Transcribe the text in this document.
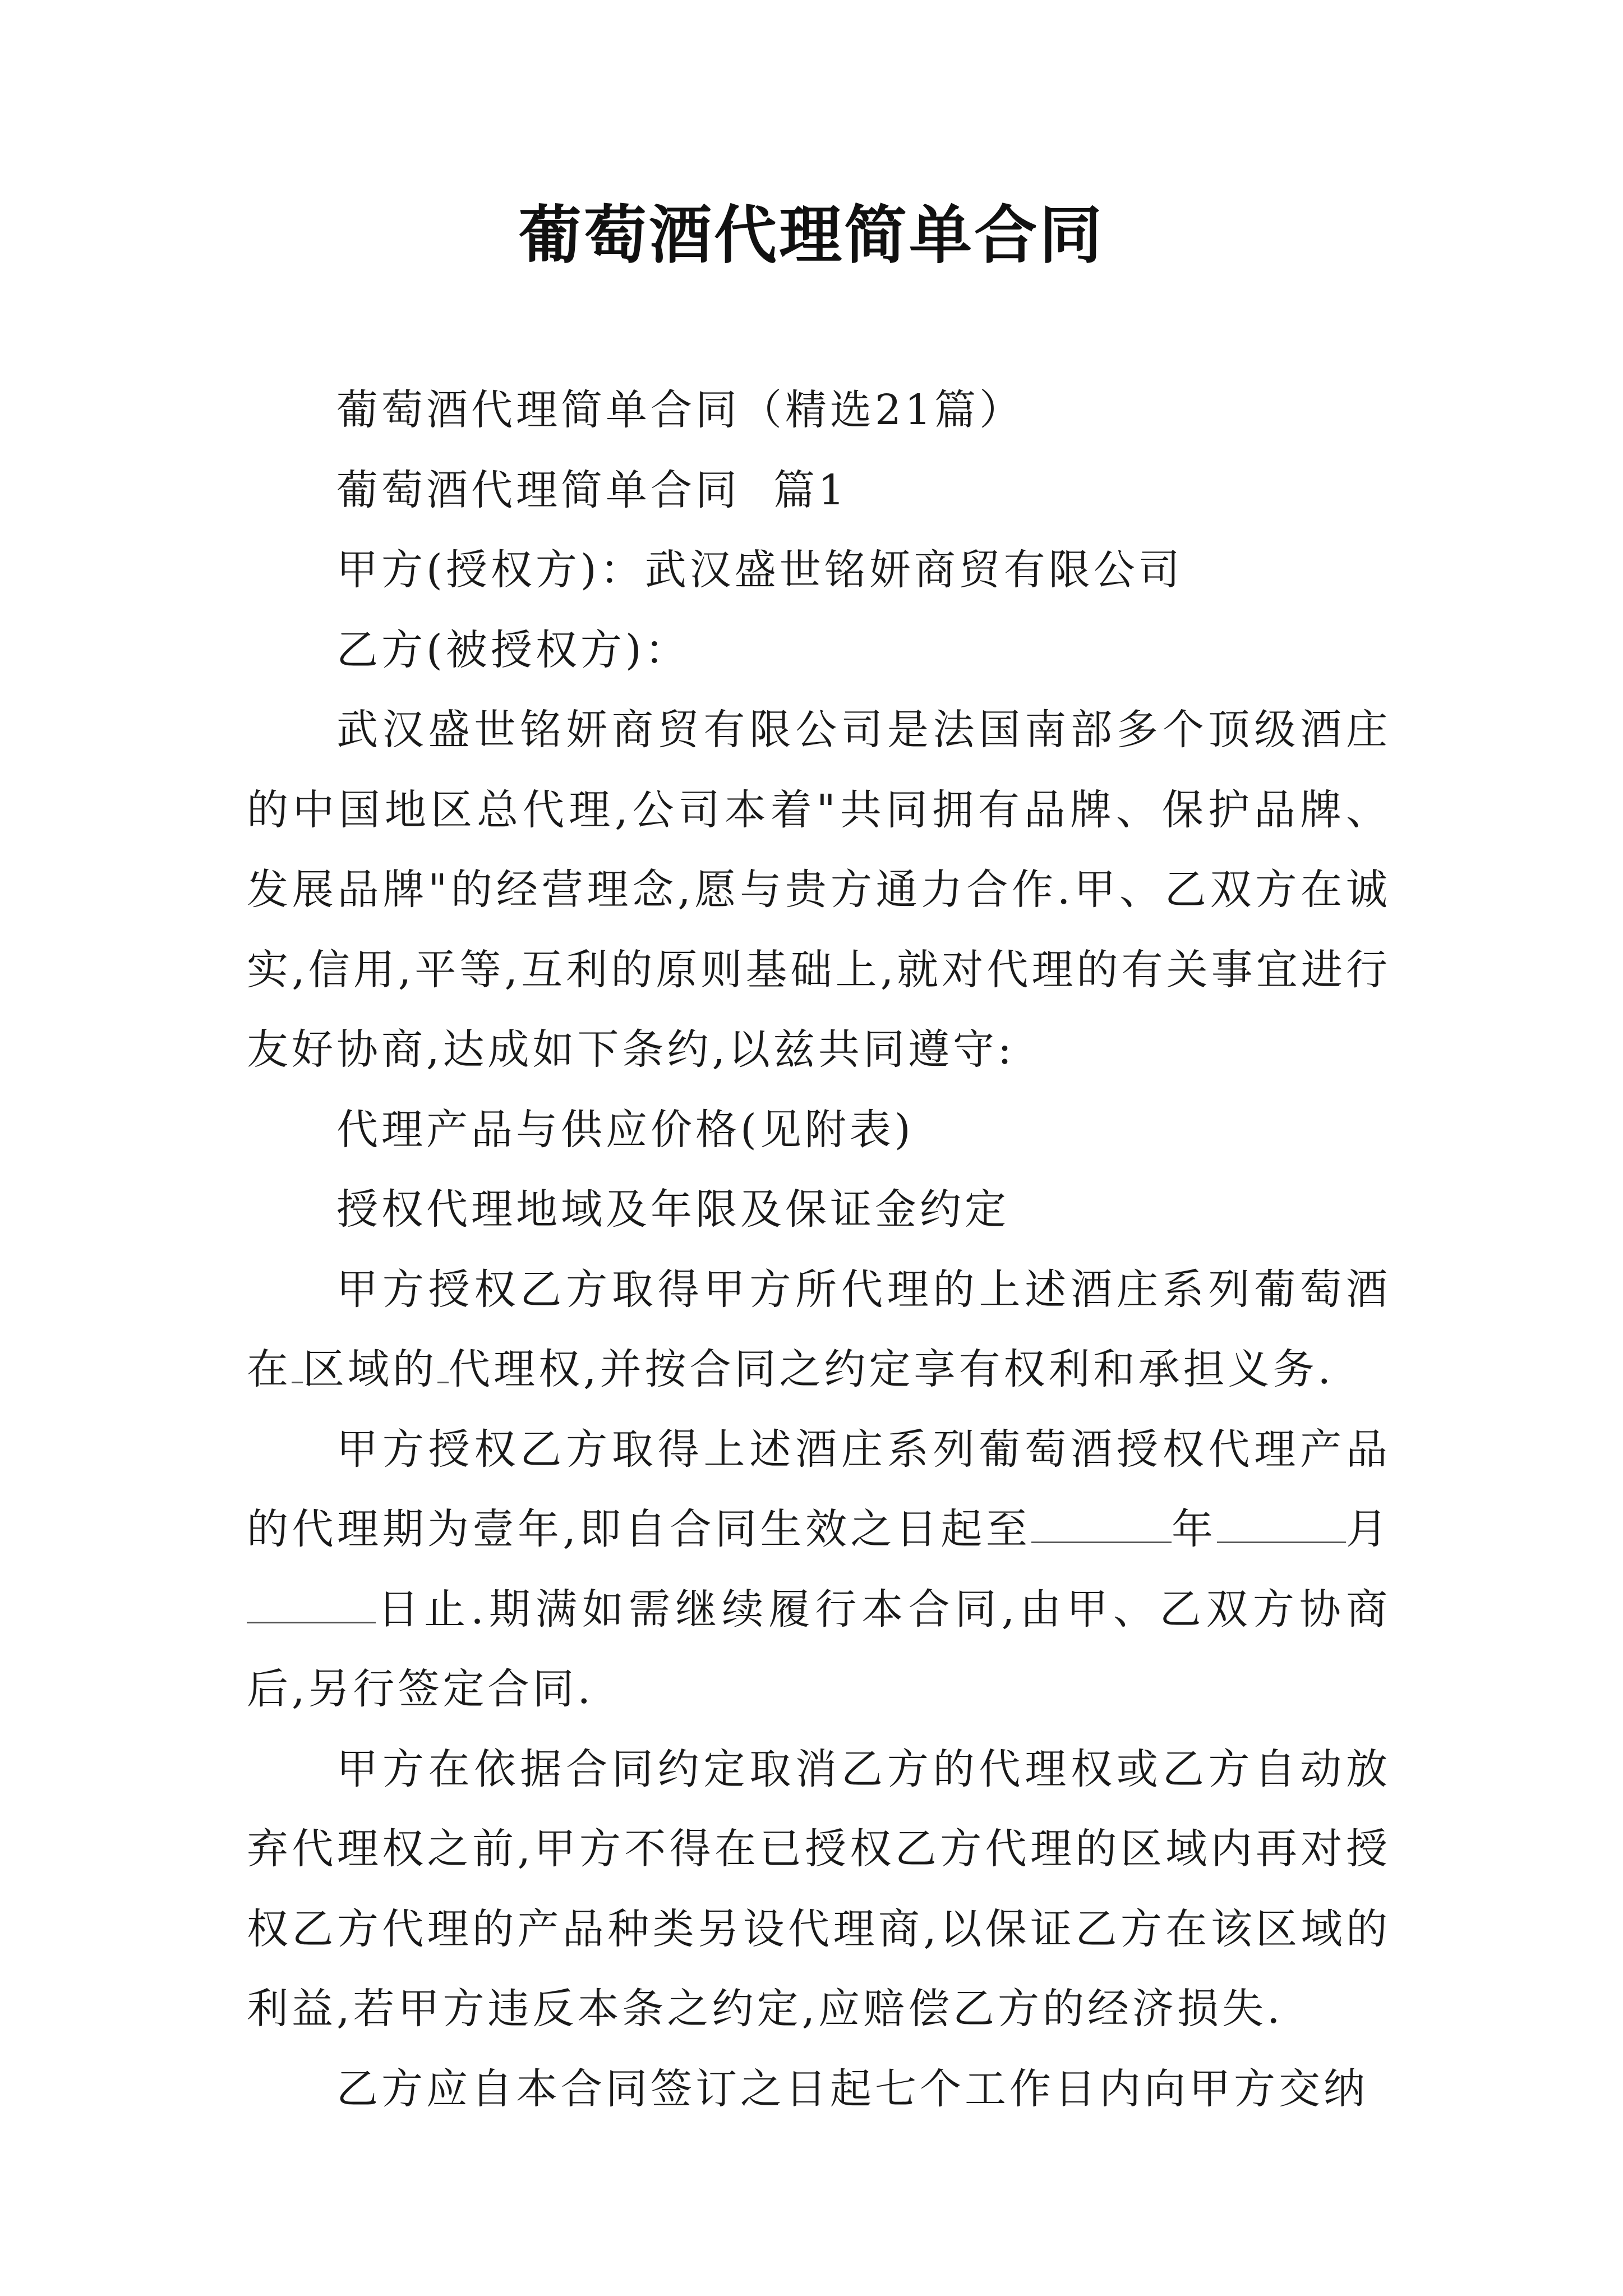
葡萄酒代理简单合同

葡萄酒代理简单合同（精选21篇）

葡萄酒代理简单合同  篇1

甲方(授权方)：武汉盛世铭妍商贸有限公司

乙方(被授权方)：

武汉盛世铭妍商贸有限公司是法国南部多个顶级酒庄的中国地区总代理,公司本着"共同拥有品牌、保护品牌、发展品牌"的经营理念,愿与贵方通力合作.甲、乙双方在诚实,信用,平等,互利的原则基础上,就对代理的有关事宜进行友好协商,达成如下条约,以兹共同遵守:

代理产品与供应价格(见附表)

授权代理地域及年限及保证金约定

甲方授权乙方取得甲方所代理的上述酒庄系列葡萄酒在 区域的 代理权,并按合同之约定享有权利和承担义务.

甲方授权乙方取得上述酒庄系列葡萄酒授权代理产品的代理期为壹年,即自合同生效之日起至	年	月日止.期满如需继续履行本合同,由甲、乙双方协商后,另行签定合同.

甲方在依据合同约定取消乙方的代理权或乙方自动放弃代理权之前,甲方不得在已授权乙方代理的区域内再对授权乙方代理的产品种类另设代理商,以保证乙方在该区域的利益,若甲方违反本条之约定,应赔偿乙方的经济损失.

乙方应自本合同签订之日起七个工作日内向甲方交纳
